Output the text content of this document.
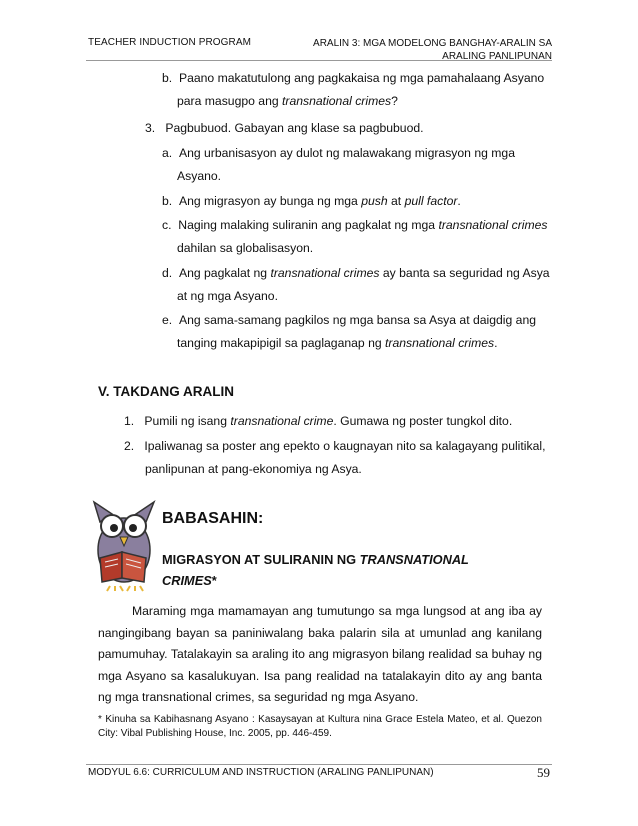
TEACHER INDUCTION PROGRAM	ARALIN 3: MGA MODELONG BANGHAY-ARALIN SA
ARALING PANLIPUNAN
b. Paano makatutulong ang pagkakaisa ng mga pamahalaang Asyano
para masugpo ang transnational crimes?
3. Pagbubuod. Gabayan ang klase sa pagbubuod.
a. Ang urbanisasyon ay dulot ng malawakang migrasyon ng mga
Asyano.
b. Ang migrasyon ay bunga ng mga push at pull factor.
c. Naging malaking suliranin ang pagkalat ng mga transnational crimes
dahilan sa globalisasyon.
d. Ang pagkalat ng transnational crimes ay banta sa seguridad ng Asya
at ng mga Asyano.
e. Ang sama-samang pagkilos ng mga bansa sa Asya at daigdig ang
tanging makapipigil sa paglaganap ng transnational crimes.
V. TAKDANG ARALIN
1. Pumili ng isang transnational crime. Gumawa ng poster tungkol dito.
2. Ipaliwanag sa poster ang epekto o kaugnayan nito sa kalagayang pulitikal,
panlipunan at pang-ekonomiya ng Asya.
BABASAHIN:
MIGRASYON AT SULIRANIN NG TRANSNATIONAL
CRIMES*
Maraming mga mamamayan ang tumutungo sa mga lungsod at ang iba ay nangingibang bayan sa paniniwalang baka palarin sila at umunlad ang kanilang pamumuhay. Tatalakayin sa araling ito ang migrasyon bilang realidad sa buhay ng mga Asyano sa kasalukuyan. Isa pang realidad na tatalakayin dito ay ang banta ng mga transnational crimes, sa seguridad ng mga Asyano.
* Kinuha sa Kabihasnang Asyano : Kasaysayan at Kultura nina Grace Estela Mateo, et al. Quezon City: Vibal Publishing House, Inc. 2005, pp. 446-459.
MODYUL 6.6: CURRICULUM AND INSTRUCTION (ARALING PANLIPUNAN)	59
